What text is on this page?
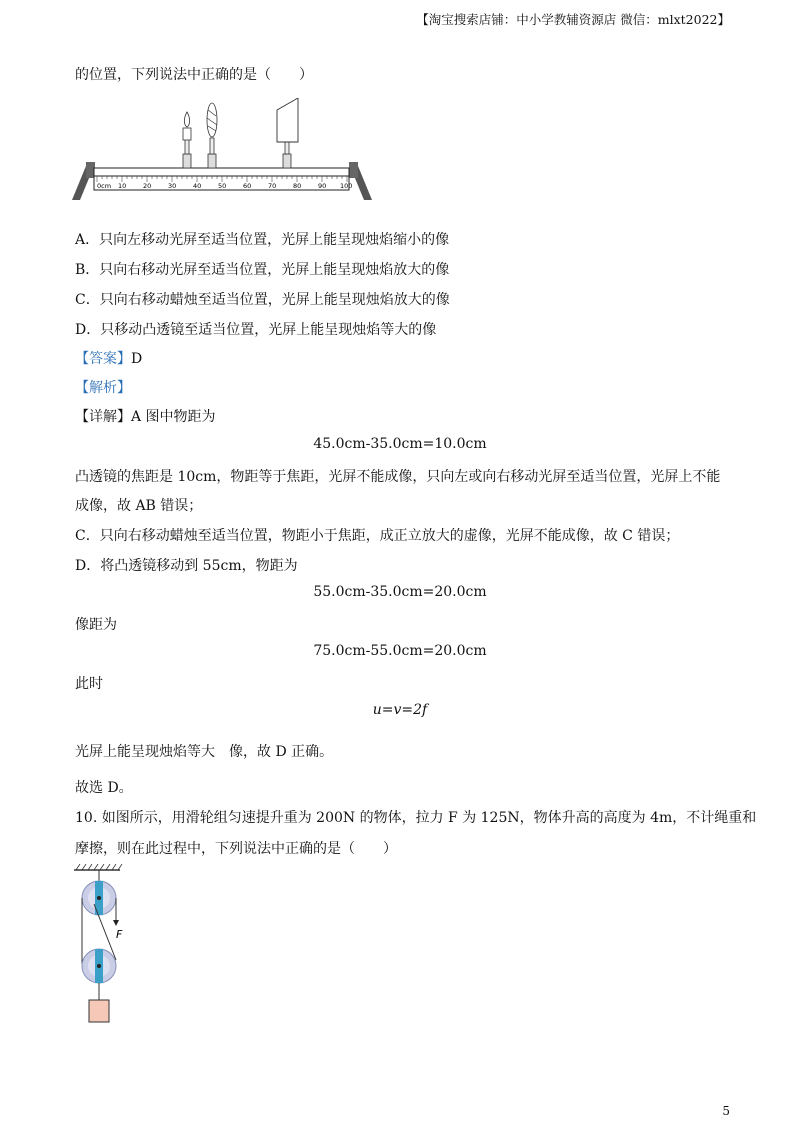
【淘宝搜索店铺：中小学教辅资源店 微信：mlxt2022】
的位置，下列说法中正确的是（　　）
0cm 10	20	30	40	50	60	70	80	90 100
A．只向左移动光屏至适当位置，光屏上能呈现烛焰缩小的像
B．只向右移动光屏至适当位置，光屏上能呈现烛焰放大的像
C．只向右移动蜡烛至适当位置，光屏上能呈现烛焰放大的像
D．只移动凸透镜至适当位置，光屏上能呈现烛焰等大的像
【答案】D
【解析】
【详解】A 图中物距为
45.0cm-35.0cm=10.0cm
凸透镜的焦距是 10cm，物距等于焦距，光屏不能成像，只向左或向右移动光屏至适当位置，光屏上不能
成像，故 AB 错误；
C．只向右移动蜡烛至适当位置，物距小于焦距，成正立放大的虚像，光屏不能成像，故 C 错误；
D．将凸透镜移动到 55cm，物距为
55.0cm-35.0cm=20.0cm
像距为
75.0cm-55.0cm=20.0cm
此时
u=v=2f
光屏上能呈现烛焰等大　像，故 D 正确。
故选 D。
10. 如图所示，用滑轮组匀速提升重为 200N 的物体，拉力 F 为 125N，物体升高的高度为 4m，不计绳重和
摩擦，则在此过程中，下列说法中正确的是（　　）
F
5
